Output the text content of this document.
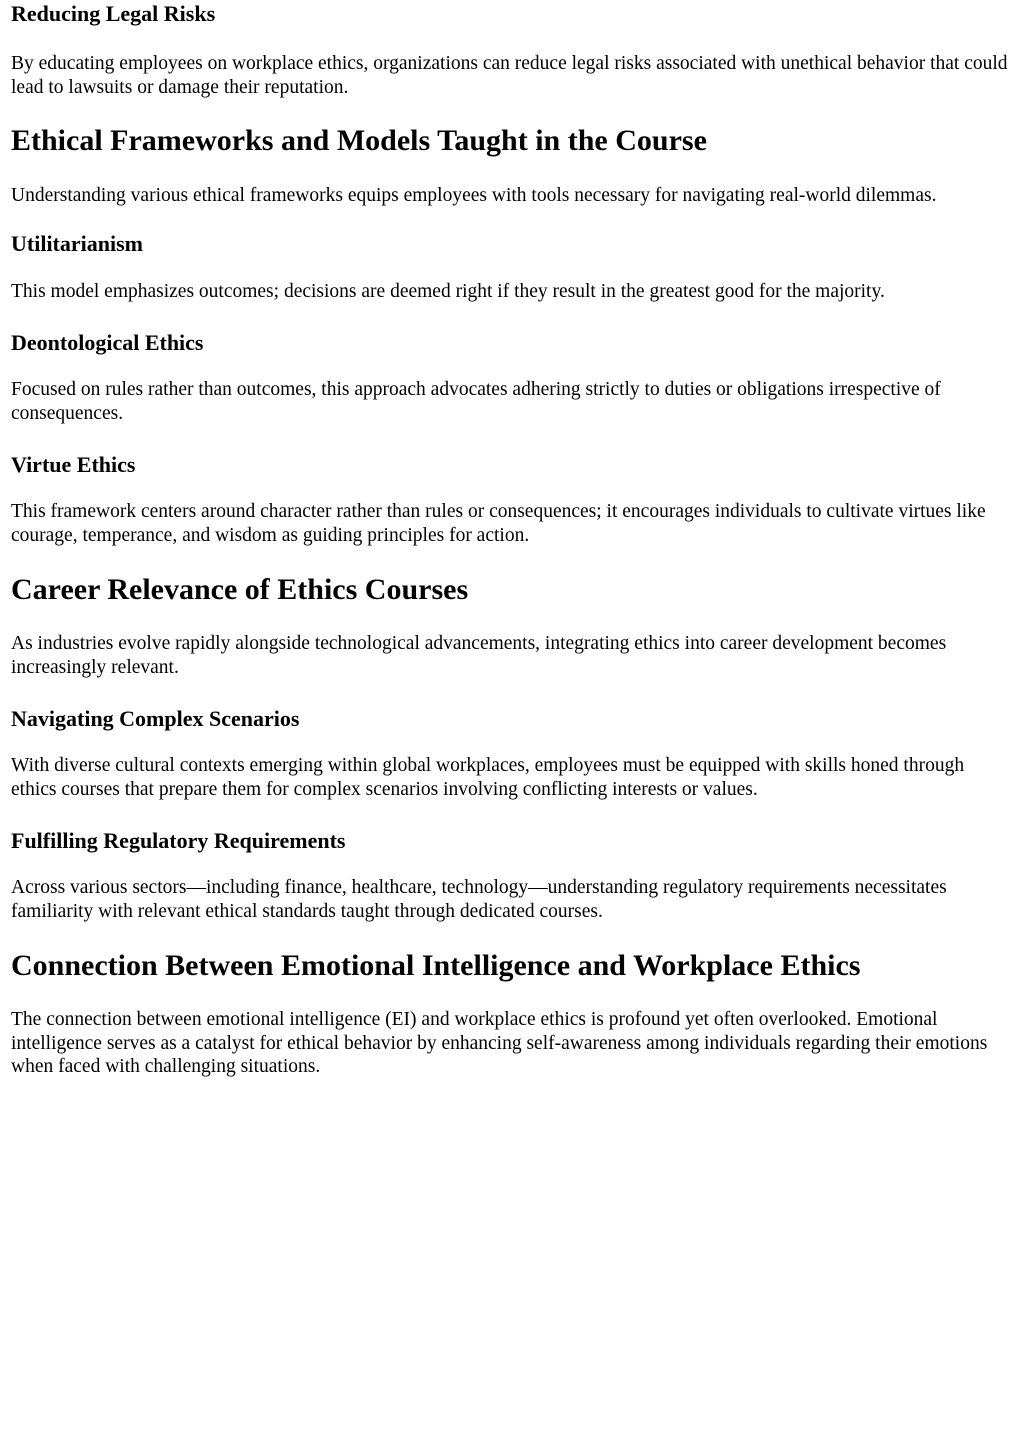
Reducing Legal Risks

By educating employees on workplace ethics, organizations can reduce legal risks associated with unethical behavior that could lead to lawsuits or damage their reputation.

Ethical Frameworks and Models Taught in the Course

Understanding various ethical frameworks equips employees with tools necessary for navigating real-world dilemmas.

Utilitarianism

This model emphasizes outcomes; decisions are deemed right if they result in the greatest good for the majority.

Deontological Ethics

Focused on rules rather than outcomes, this approach advocates adhering strictly to duties or obligations irrespective of consequences.

Virtue Ethics

This framework centers around character rather than rules or consequences; it encourages individuals to cultivate virtues like courage, temperance, and wisdom as guiding principles for action.

Career Relevance of Ethics Courses

As industries evolve rapidly alongside technological advancements, integrating ethics into career development becomes increasingly relevant.

Navigating Complex Scenarios

With diverse cultural contexts emerging within global workplaces, employees must be equipped with skills honed through ethics courses that prepare them for complex scenarios involving conflicting interests or values.

Fulfilling Regulatory Requirements

Across various sectors—including finance, healthcare, technology—understanding regulatory requirements necessitates familiarity with relevant ethical standards taught through dedicated courses.

Connection Between Emotional Intelligence and Workplace Ethics

The connection between emotional intelligence (EI) and workplace ethics is profound yet often overlooked. Emotional intelligence serves as a catalyst for ethical behavior by enhancing self-awareness among individuals regarding their emotions when faced with challenging situations.
